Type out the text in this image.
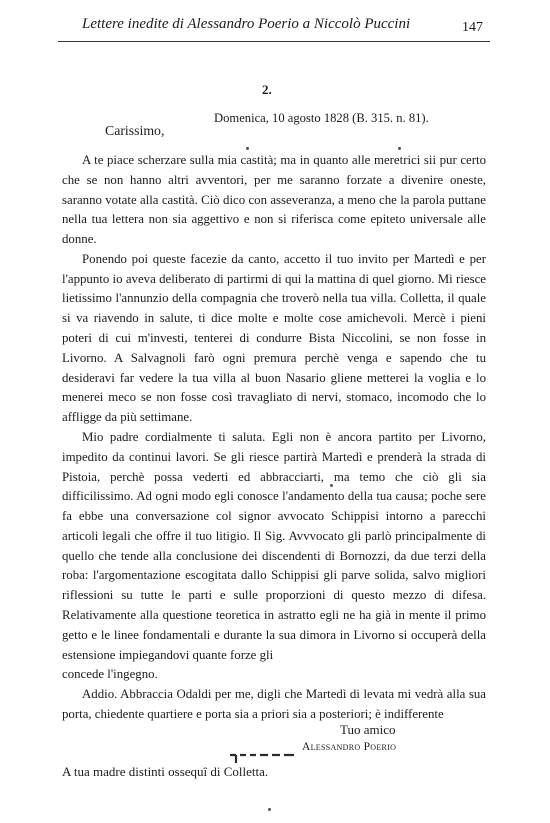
Lettere inedite di Alessandro Poerio a Niccolò Puccini	147
2.
Domenica, 10 agosto 1828 (B. 315. n. 81).
Carissimo,

A te piace scherzare sulla mia castità; ma in quanto alle meretrici sii pur certo che se non hanno altri avventori, per me saranno forzate a divenire oneste, saranno votate alla castità. Ciò dico con asseveranza, a meno che la parola puttane nella tua lettera non sia aggettivo e non si riferisca come epiteto universale alle donne.

Ponendo poi queste facezie da canto, accetto il tuo invito per Martedì e per l'appunto io aveva deliberato di partirmi di qui la mattina di quel giorno. Mi riesce lietissimo l'annunzio della compagnia che troverò nella tua villa. Colletta, il quale si va riavendo in salute, ti dice molte e molte cose amichevoli. Mercè i pieni poteri di cui m'investi, tenterei di condurre Bista Niccolini, se non fosse in Livorno. A Salvagnoli farò ogni premura perchè venga e sapendo che tu desideravi far vedere la tua villa al buon Nasario gliene metterei la voglia e lo menerei meco se non fosse così travagliato di nervi, stomaco, incomodo che lo affligge da più settimane.

Mio padre cordialmente ti saluta. Egli non è ancora partito per Livorno, impedito da continui lavori. Se gli riesce partirà Martedì e prenderà la strada di Pistoia, perchè possa vederti ed abbracciarti, ma temo che ciò gli sia difficilissimo. Ad ogni modo egli conosce l'andamento della tua causa; poche sere fa ebbe una conversazione col signor avvocato Schippisi intorno a parecchi articoli legali che offre il tuo litigio. Il Sig. Avvvocato gli parlò principalmente di quello che tende alla conclusione dei discendenti di Bornozzi, da due terzi della roba: l'argomentazione escogitata dallo Schippisi gli parve solida, salvo migliori riflessioni su tutte le parti e sulle proporzioni di questo mezzo di difesa. Relativamente alla questione teoretica in astratto egli ne ha già in mente il primo getto e le linee fondamentali e durante la sua dimora in Livorno si occuperà della estensione impiegandovi quante forze gli

concede l'ingegno.

Addio. Abbraccia Odaldi per me, digli che Martedì di levata mi vedrà alla sua porta, chiedente quartiere e porta sia a priori sia a posteriori; è indifferente

Tuo amico
Alessandro Poerio
A tua madre distinti ossequî di Colletta.
